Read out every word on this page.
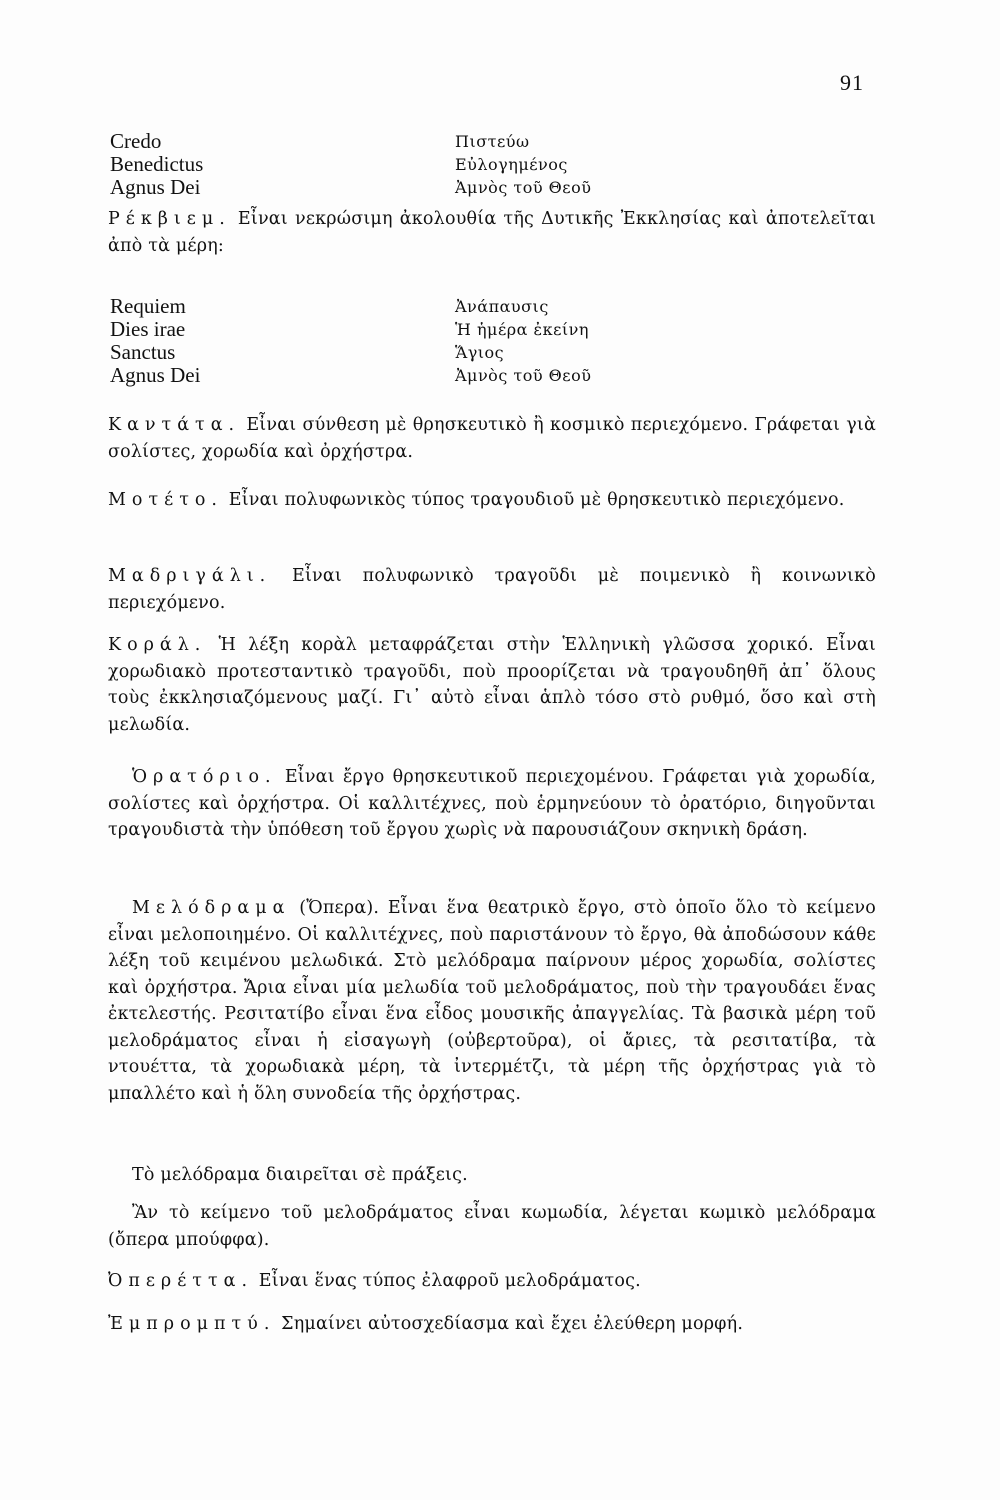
91
Credo	Πιστεύω
Benedictus	Εὐλογημένος
Agnus Dei	Ἀμνὸς τοῦ Θεοῦ

Ρέκβιεμ. Εἶναι νεκρώσιμη ἀκολουθία τῆς Δυτικῆς Ἐκκλησίας καὶ ἀποτελεῖται ἀπὸ τὰ μέρη:

Requiem	Ἀνάπαυσις
Dies irae	Ἡ ἡμέρα ἐκείνη
Sanctus	Ἅγιος
Agnus Dei	Ἀμνὸς τοῦ Θεοῦ

Καντάτα. Εἶναι σύνθεση μὲ θρησκευτικὸ ἢ κοσμικὸ περιεχόμενο. Γράφεται γιὰ σολίστες, χορωδία καὶ ὀρχήστρα.

Μοτέτο. Εἶναι πολυφωνικὸς τύπος τραγουδιοῦ μὲ θρησκευτικὸ περιεχόμενο.

Μαδριγάλι. Εἶναι πολυφωνικὸ τραγοῦδι μὲ ποιμενικὸ ἢ κοινωνικὸ περιεχόμενο.

Κοράλ. Ἡ λέξη κορὰλ μεταφράζεται στὴν Ἑλληνικὴ γλῶσσα χορικό. Εἶναι χορωδιακὸ προτεσταντικὸ τραγοῦδι, ποὺ προορίζεται νὰ τραγουδηθῆ ἀπ᾽ ὅλους τοὺς ἐκκλησιαζόμενους μαζί. Γι᾽ αὐτὸ εἶναι ἁπλὸ τόσο στὸ ρυθμό, ὅσο καὶ στὴ μελωδία.

Ὁρατόριο. Εἶναι ἔργο θρησκευτικοῦ περιεχομένου. Γράφεται γιὰ χορωδία, σολίστες καὶ ὀρχήστρα. Οἱ καλλιτέχνες, ποὺ ἑρμηνεύουν τὸ ὀρατόριο, διηγοῦνται τραγουδιστὰ τὴν ὑπόθεση τοῦ ἔργου χωρὶς νὰ παρουσιάζουν σκηνικὴ δράση.

Μελόδραμα (Ὄπερα). Εἶναι ἕνα θεατρικὸ ἔργο, στὸ ὁποῖο ὅλο τὸ κείμενο εἶναι μελοποιημένο. Οἱ καλλιτέχνες, ποὺ παριστάνουν τὸ ἔργο, θὰ ἀποδώσουν κάθε λέξη τοῦ κειμένου μελωδικά. Στὸ μελόδραμα παίρνουν μέρος χορωδία, σολίστες καὶ ὀρχήστρα. Ἄρια εἶναι μία μελωδία τοῦ μελοδράματος, ποὺ τὴν τραγουδάει ἕνας ἐκτελεστής. Ρεσιτατίβο εἶναι ἕνα εἶδος μουσικῆς ἀπαγγελίας. Τὰ βασικὰ μέρη τοῦ μελοδράματος εἶναι ἡ εἰσαγωγὴ (οὐβερτοῦρα), οἱ ἄριες, τὰ ρεσιτατίβα, τὰ ντουέττα, τὰ χορωδιακὰ μέρη, τὰ ἰντερμέτζι, τὰ μέρη τῆς ὀρχήστρας γιὰ τὸ μπαλλέτο καὶ ἡ ὅλη συνοδεία τῆς ὀρχήστρας.

Τὸ μελόδραμα διαιρεῖται σὲ πράξεις.

Ἂν τὸ κείμενο τοῦ μελοδράματος εἶναι κωμωδία, λέγεται κωμικὸ μελόδραμα (ὄπερα μπούφφα).

Ὀπερέττα. Εἶναι ἕνας τύπος ἐλαφροῦ μελοδράματος.

Ἐμπρομπτύ. Σημαίνει αὐτοσχεδίασμα καὶ ἔχει ἐλεύθερη μορφή.
